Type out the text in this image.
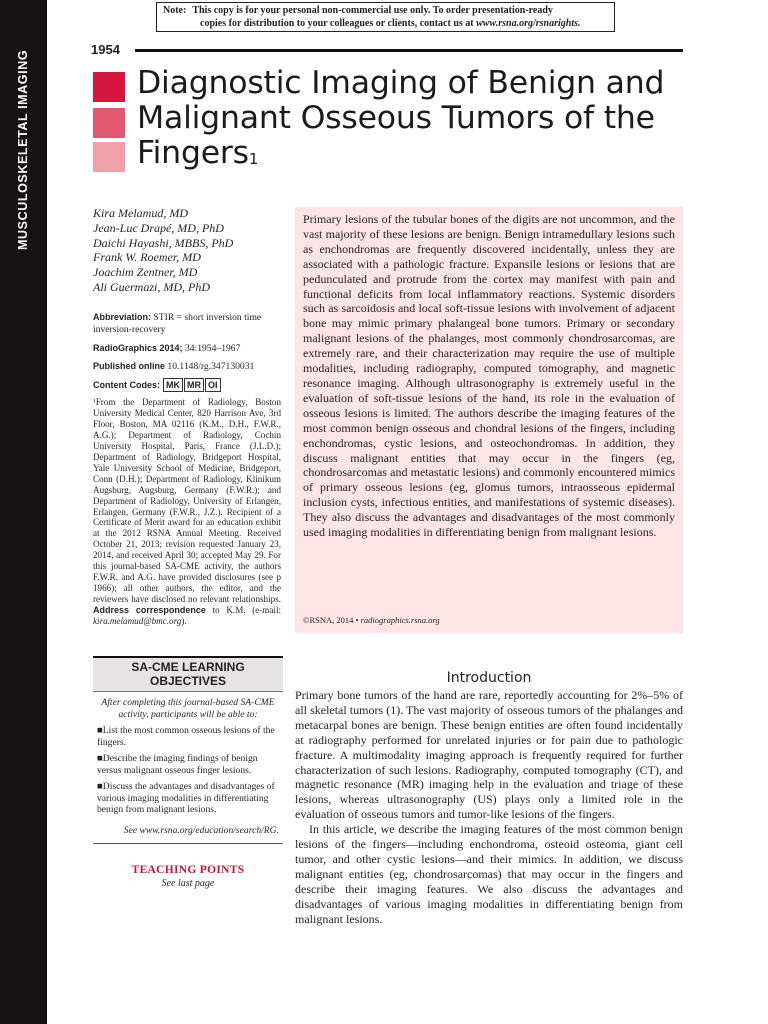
MUSCULOSKELETAL IMAGING
Note: This copy is for your personal non-commercial use only. To order presentation-ready
copies for distribution to your colleagues or clients, contact us at www.rsna.org/rsnarights.
1954
Diagnostic Imaging of Benign and Malignant Osseous Tumors of the Fingers$^1$
Kira Melamud, MD
Jean-Luc Drapé, MD, PhD
Daichi Hayashi, MBBS, PhD
Frank W. Roemer, MD
Joachim Zentner, MD
Ali Guermazi, MD, PhD
Abbreviation: STIR = short inversion time inversion-recovery
RadioGraphics 2014; 34:1954–1967
Published online 10.1148/rg.347130031
Content Codes: MK MR OI
¹From the Department of Radiology, Boston University Medical Center, 820 Harrison Ave, 3rd Floor, Boston, MA 02116 (K.M., D.H., F.W.R., A.G.); Department of Radiology, Cochin University Hospital, Paris, France (J.L.D.); Department of Radiology, Bridgeport Hospital, Yale University School of Medicine, Bridgeport, Conn (D.H.); Department of Radiology, Klinikum Augsburg, Augsburg, Germany (F.W.R.); and Department of Radiology, University of Erlangen, Erlangen, Germany (F.W.R., J.Z.). Recipient of a Certificate of Merit award for an education exhibit at the 2012 RSNA Annual Meeting. Received October 21, 2013; revision requested January 23, 2014, and received April 30; accepted May 29. For this journal-based SA-CME activity, the authors F.W.R. and A.G. have provided disclosures (see p 1966); all other authors, the editor, and the reviewers have disclosed no relevant relationships. Address correspondence to K.M. (e-mail: kira.melamud@bmc.org).
Primary lesions of the tubular bones of the digits are not uncommon, and the vast majority of these lesions are benign. Benign intramedullary lesions such as enchondromas are frequently discovered incidentally, unless they are associated with a pathologic fracture. Expansile lesions or lesions that are pedunculated and protrude from the cortex may manifest with pain and functional deficits from local inflammatory reactions. Systemic disorders such as sarcoidosis and local soft-tissue lesions with involvement of adjacent bone may mimic primary phalangeal bone tumors. Primary or secondary malignant lesions of the phalanges, most commonly chondrosarcomas, are extremely rare, and their characterization may require the use of multiple modalities, including radiography, computed tomography, and magnetic resonance imaging. Although ultrasonography is extremely useful in the evaluation of soft-tissue lesions of the hand, its role in the evaluation of osseous lesions is limited. The authors describe the imaging features of the most common benign osseous and chondral lesions of the fingers, including enchondromas, cystic lesions, and osteochondromas. In addition, they discuss malignant entities that may occur in the fingers (eg, chondrosarcomas and metastatic lesions) and commonly encountered mimics of primary osseous lesions (eg, glomus tumors, intraosseous epidermal inclusion cysts, infectious entities, and manifestations of systemic diseases). They also discuss the advantages and disadvantages of the most commonly used imaging modalities in differentiating benign from malignant lesions.
©RSNA, 2014 • radiographics.rsna.org
SA-CME LEARNING OBJECTIVES
After completing this journal-based SA-CME activity, participants will be able to:
■List the most common osseous lesions of the fingers.
■Describe the imaging findings of benign versus malignant osseous finger lesions.
■Discuss the advantages and disadvantages of various imaging modalities in differentiating benign from malignant lesions.
See www.rsna.org/education/search/RG.
TEACHING POINTS
See last page
Introduction

Primary bone tumors of the hand are rare, reportedly accounting for 2%–5% of all skeletal tumors (1). The vast majority of osseous tumors of the phalanges and metacarpal bones are benign. These benign entities are often found incidentally at radiography performed for unrelated injuries or for pain due to pathologic fracture. A multimodality imaging approach is frequently required for further characterization of such lesions. Radiography, computed tomography (CT), and magnetic resonance (MR) imaging help in the evaluation and triage of these lesions, whereas ultrasonography (US) plays only a limited role in the evaluation of osseous tumors and tumor-like lesions of the fingers.

In this article, we describe the imaging features of the most common benign lesions of the fingers—including enchondroma, osteoid osteoma, giant cell tumor, and other cystic lesions—and their mimics. In addition, we discuss malignant entities (eg, chondrosarcomas) that may occur in the fingers and describe their imaging features. We also discuss the advantages and disadvantages of various imaging modalities in differentiating benign from malignant lesions.
